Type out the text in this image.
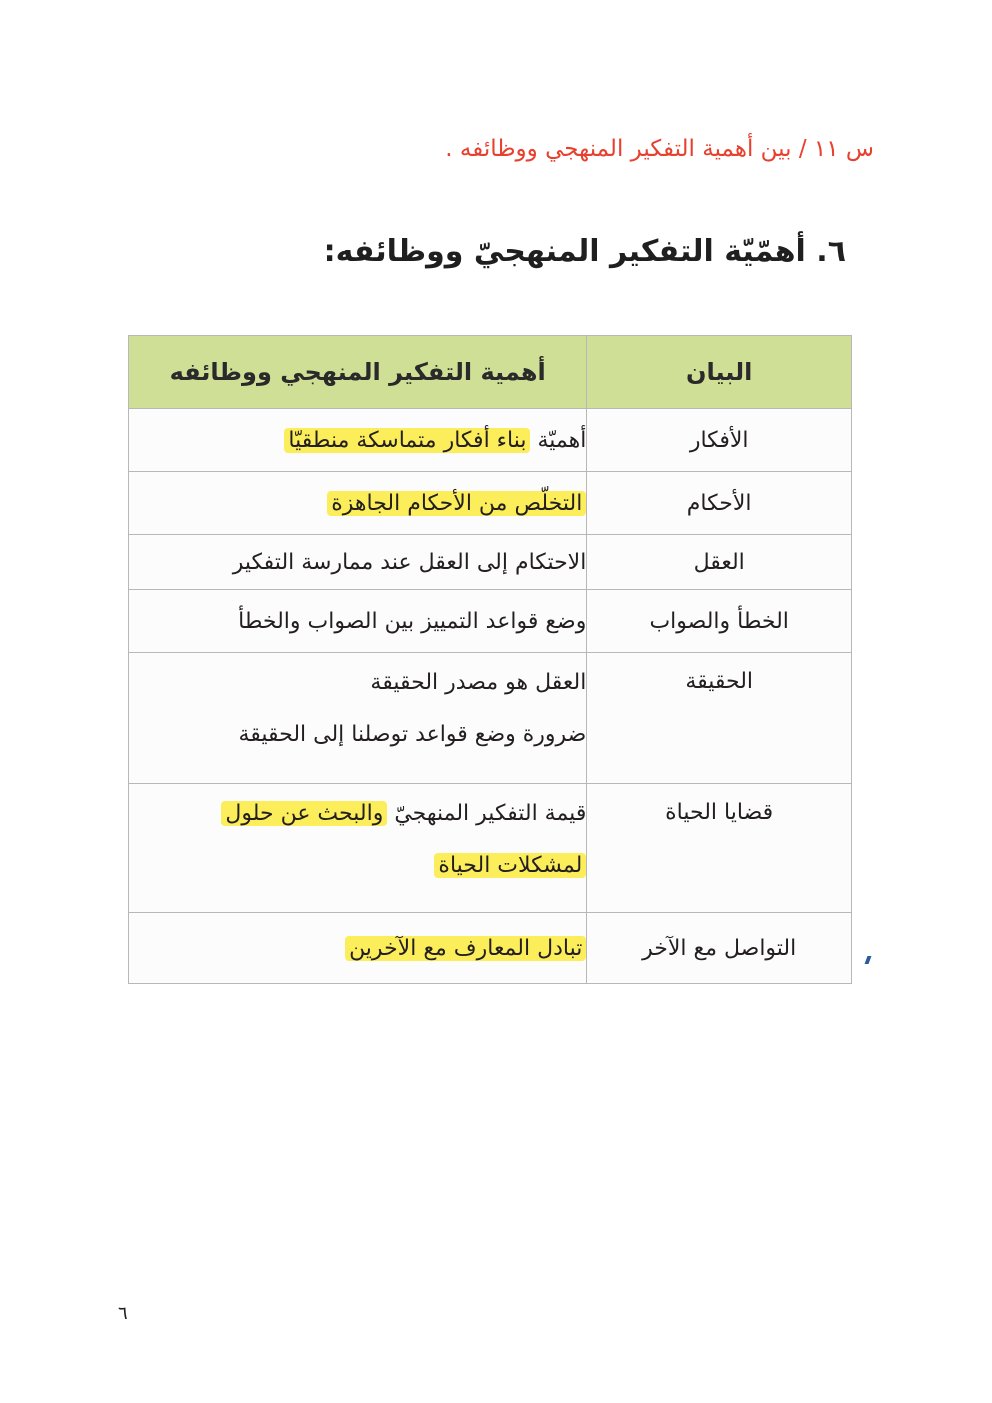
س ١١ / بين أهمية التفكير المنهجي ووظائفه .
٦. أهمّيّة التفكير المنهجيّ ووظائفه:
البيان	أهمية التفكير المنهجي ووظائفه
الأفكار	أهميّة بناء أفكار متماسكة منطقيّا
الأحكام	التخلّص من الأحكام الجاهزة
العقل	الاحتكام إلى العقل عند ممارسة التفكير
الخطأ والصواب	وضع قواعد التمييز بين الصواب والخطأ
الحقيقة	العقل هو مصدر الحقيقة
ضرورة وضع قواعد توصلنا إلى الحقيقة

قضايا الحياة	قيمة التفكير المنهجيّ والبحث عن حلول
لمشكلات الحياة

التواصل مع الآخر	تبادل المعارف مع الآخرين
٦
